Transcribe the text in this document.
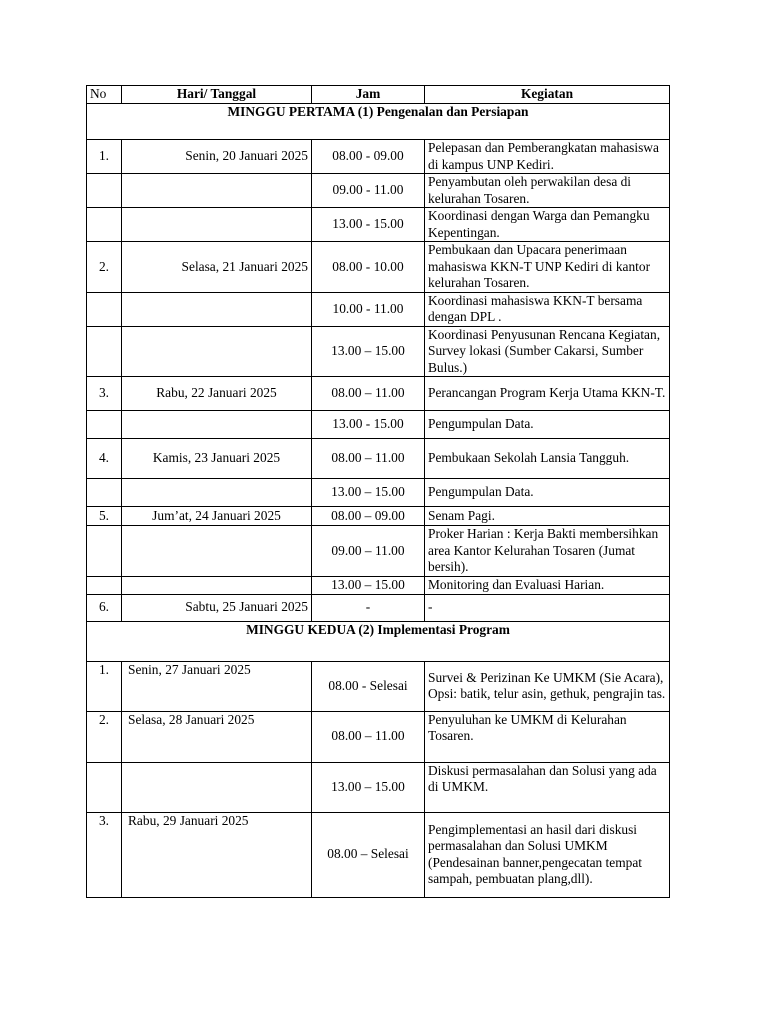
No	Hari/ Tanggal	Jam	Kegiatan
MINGGU PERTAMA (1) Pengenalan dan Persiapan			
1.	Senin, 20 Januari 2025	08.00 - 09.00	Pelepasan dan Pemberangkatan mahasiswa di kampus UNP Kediri.
		09.00 - 11.00	Penyambutan oleh perwakilan desa di kelurahan Tosaren.
		13.00 - 15.00	Koordinasi dengan Warga dan Pemangku Kepentingan.
2.	Selasa, 21 Januari 2025	08.00 - 10.00	Pembukaan dan Upacara penerimaan mahasiswa KKN-T UNP Kediri di kantor kelurahan Tosaren.
		10.00 - 11.00	Koordinasi mahasiswa KKN-T bersama dengan DPL .
		13.00 – 15.00	Koordinasi Penyusunan Rencana Kegiatan, Survey lokasi (Sumber Cakarsi, Sumber Bulus.)
3.	Rabu, 22 Januari 2025	08.00 – 11.00	Perancangan Program Kerja Utama KKN-T.
		13.00 - 15.00	Pengumpulan Data.
4.	Kamis, 23 Januari 2025	08.00 – 11.00	Pembukaan Sekolah Lansia Tangguh.
		13.00 – 15.00	Pengumpulan Data.
5.	Jum’at, 24 Januari 2025	08.00 – 09.00	Senam Pagi.
		09.00 – 11.00	Proker Harian : Kerja Bakti membersihkan area Kantor Kelurahan Tosaren (Jumat bersih).
		13.00 – 15.00	Monitoring dan Evaluasi Harian.
6.	Sabtu, 25 Januari 2025	-	-
MINGGU KEDUA (2) Implementasi Program			
1.	Senin, 27 Januari 2025	08.00 - Selesai	Survei & Perizinan Ke UMKM (Sie Acara), Opsi: batik, telur asin, gethuk, pengrajin tas.
2.	Selasa, 28 Januari 2025	08.00 – 11.00	Penyuluhan ke UMKM di Kelurahan Tosaren.
		13.00 – 15.00	Diskusi permasalahan dan Solusi yang ada di UMKM.
3.	Rabu, 29 Januari 2025	08.00 – Selesai	Pengimplementasi an hasil dari diskusi permasalahan dan Solusi UMKM (Pendesainan banner,pengecatan tempat sampah, pembuatan plang,dll).
